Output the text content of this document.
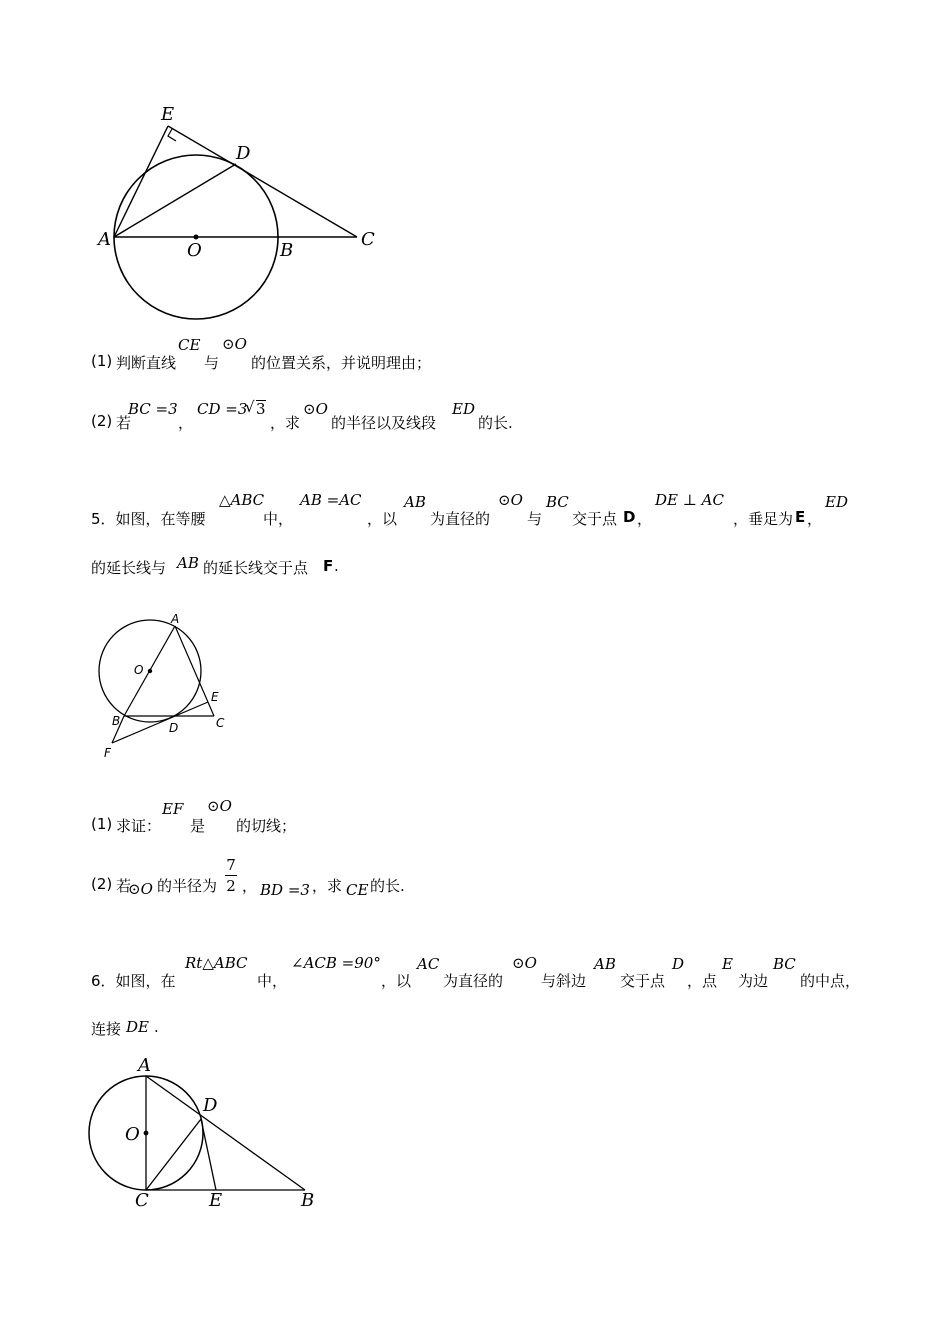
E
D
A
O	B
C
(1) 判断直线
CE
与
⊙O
的位置关系，并说明理由；
(2) 若
BC =3
，
CD =3
√ 3
，求
⊙O
的半径以及线段
ED
的长.
5．如图，在等腰
△ABC
中，
AB =AC
，以
AB
为直径的
⊙O
与
BC
交于点 D ，
DE ⊥ AC
，垂足为 E ，
ED
的延长线与 AB 的延长线交于点 F .
A
O
E
B	D	C
F
(1) 求证：
EF
是
⊙O
的切线；
(2) 若
⊙O 的半径为
7
2 ， BD =3 ，求 CE 的长.
6．如图，在
Rt△ABC
中，
∠ACB =90°
，以
AC
为直径的
⊙O
与斜边
AB
交于点
D
，点
E
为边
BC
的中点，
连接 DE .
A
D
O
C	E	B
